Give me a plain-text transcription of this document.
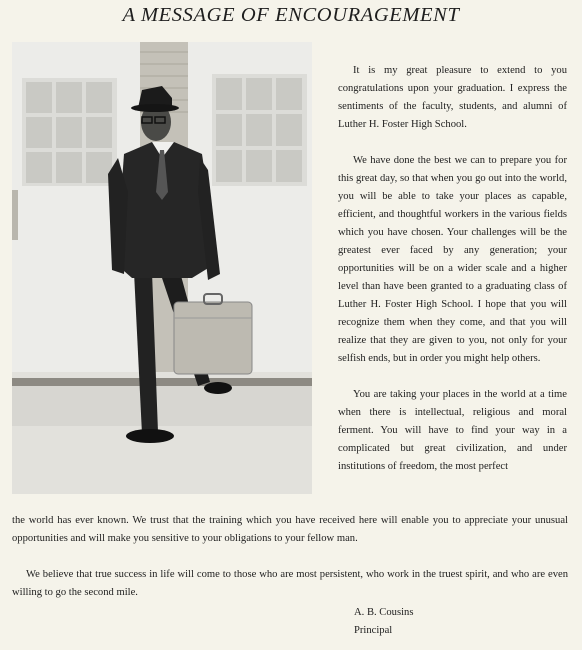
A MESSAGE OF ENCOURAGEMENT

It is my great pleasure to extend to you congratulations upon your graduation. I express the sentiments of the faculty, students, and alumni of Luther H. Foster High School.

We have done the best we can to prepare you for this great day, so that when you go out into the world, you will be able to take your places as capable, efficient, and thoughtful workers in the various fields which you have chosen. Your challenges will be the greatest ever faced by any generation; your opportunities will be on a wider scale and a higher level than have been granted to a graduating class of Luther H. Foster High School. I hope that you will recognize them when they come, and that you will realize that they are given to you, not only for your selfish ends, but in order you might help others.

You are taking your places in the world at a time when there is intellectual, religious and moral ferment. You will have to find your way in a complicated but great civilization, and under institutions of freedom, the most perfect

the world has ever known. We trust that the training which you have received here will enable you to appreciate your unusual opportunities and will make you sensitive to your obligations to your fellow man.

We believe that true success in life will come to those who are most persistent, who work in the truest spirit, and who are even willing to go the second mile.

A. B. Cousins
Principal
